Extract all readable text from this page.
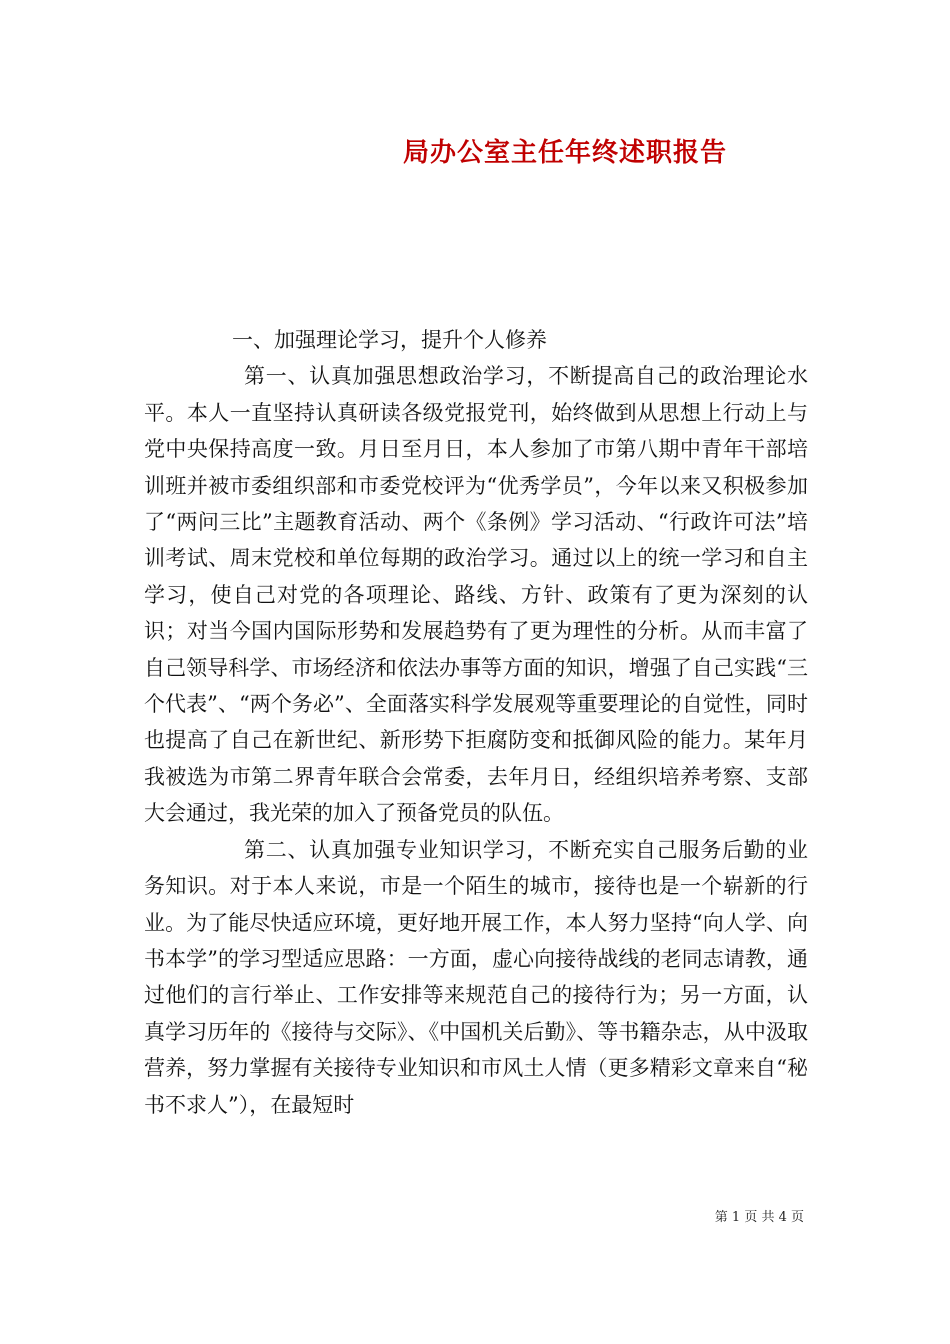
局办公室主任年终述职报告
一、加强理论学习，提升个人修养

第一、认真加强思想政治学习，不断提高自己的政治理论水平。本人一直坚持认真研读各级党报党刊，始终做到从思想上行动上与党中央保持高度一致。月日至月日，本人参加了市第八期中青年干部培训班并被市委组织部和市委党校评为“优秀学员”，今年以来又积极参加了“两问三比”主题教育活动、两个《条例》学习活动、“行政许可法”培训考试、周末党校和单位每期的政治学习。通过以上的统一学习和自主学习，使自己对党的各项理论、路线、方针、政策有了更为深刻的认识；对当今国内国际形势和发展趋势有了更为理性的分析。从而丰富了自己领导科学、市场经济和依法办事等方面的知识，增强了自己实践“三个代表”、“两个务必”、全面落实科学发展观等重要理论的自觉性，同时也提高了自己在新世纪、新形势下拒腐防变和抵御风险的能力。某年月我被选为市第二界青年联合会常委，去年月日，经组织培养考察、支部大会通过，我光荣的加入了预备党员的队伍。

第二、认真加强专业知识学习，不断充实自己服务后勤的业务知识。对于本人来说，市是一个陌生的城市，接待也是一个崭新的行业。为了能尽快适应环境，更好地开展工作，本人努力坚持“向人学、向书本学”的学习型适应思路：一方面，虚心向接待战线的老同志请教，通过他们的言行举止、工作安排等来规范自己的接待行为；另一方面，认真学习历年的《接待与交际》、《中国机关后勤》、等书籍杂志，从中汲取营养，努力掌握有关接待专业知识和市风土人情（更多精彩文章来自“秘书不求人”），在最短时

第 1 页 共 4 页
